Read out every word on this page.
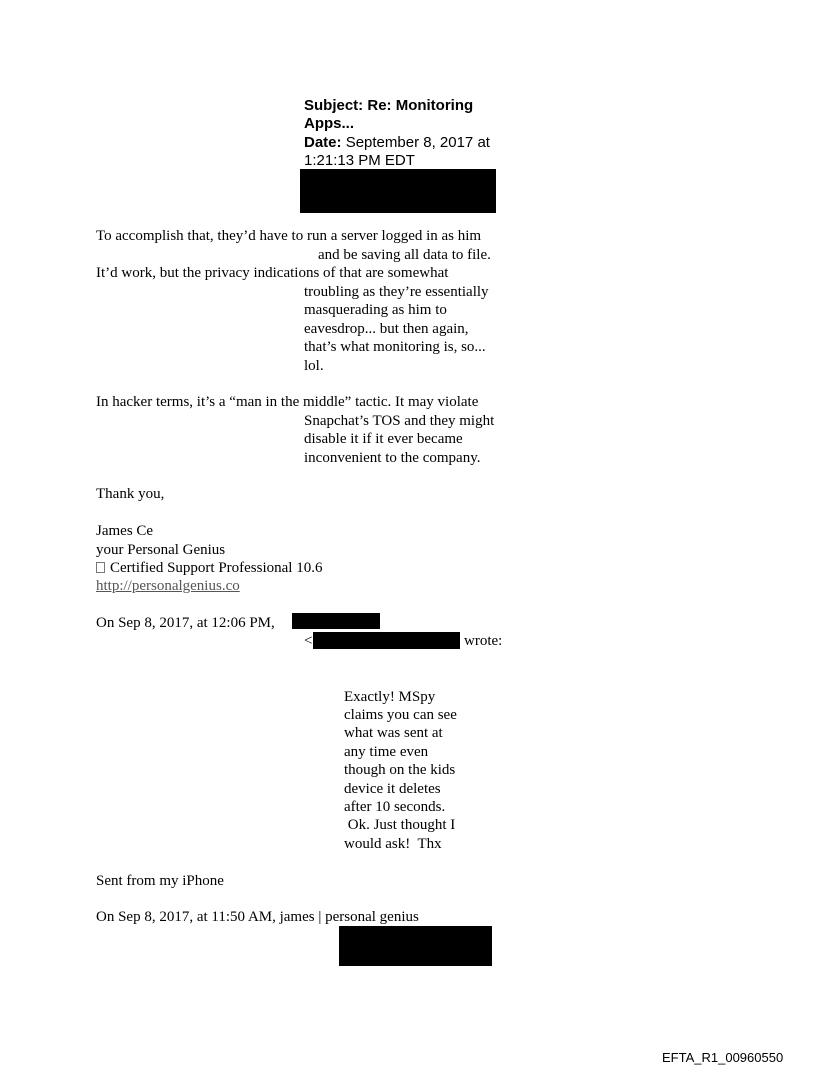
Subject: Re: Monitoring
Apps...
Date: September 8, 2017 at
1:21:13 PM EDT
To accomplish that, they’d have to run a server logged in as him
and be saving all data to file.
It’d work, but the privacy indications of that are somewhat
troubling as they’re essentially
masquerading as him to
eavesdrop... but then again,
that’s what monitoring is, so...
lol.
In hacker terms, it’s a “man in the middle” tactic. It may violate
Snapchat’s TOS and they might
disable it if it ever became
inconvenient to the company.
Thank you,
James Ce
your Personal Genius
Certified Support Professional 10.6
http://personalgenius.co
On Sep 8, 2017, at 12:06 PM,
<	wrote:
Exactly! MSpy
claims you can see
what was sent at
any time even
though on the kids
device it deletes
after 10 seconds.
Ok. Just thought I
would ask!  Thx
Sent from my iPhone
On Sep 8, 2017, at 11:50 AM, james | personal genius
EFTA_R1_00960550
